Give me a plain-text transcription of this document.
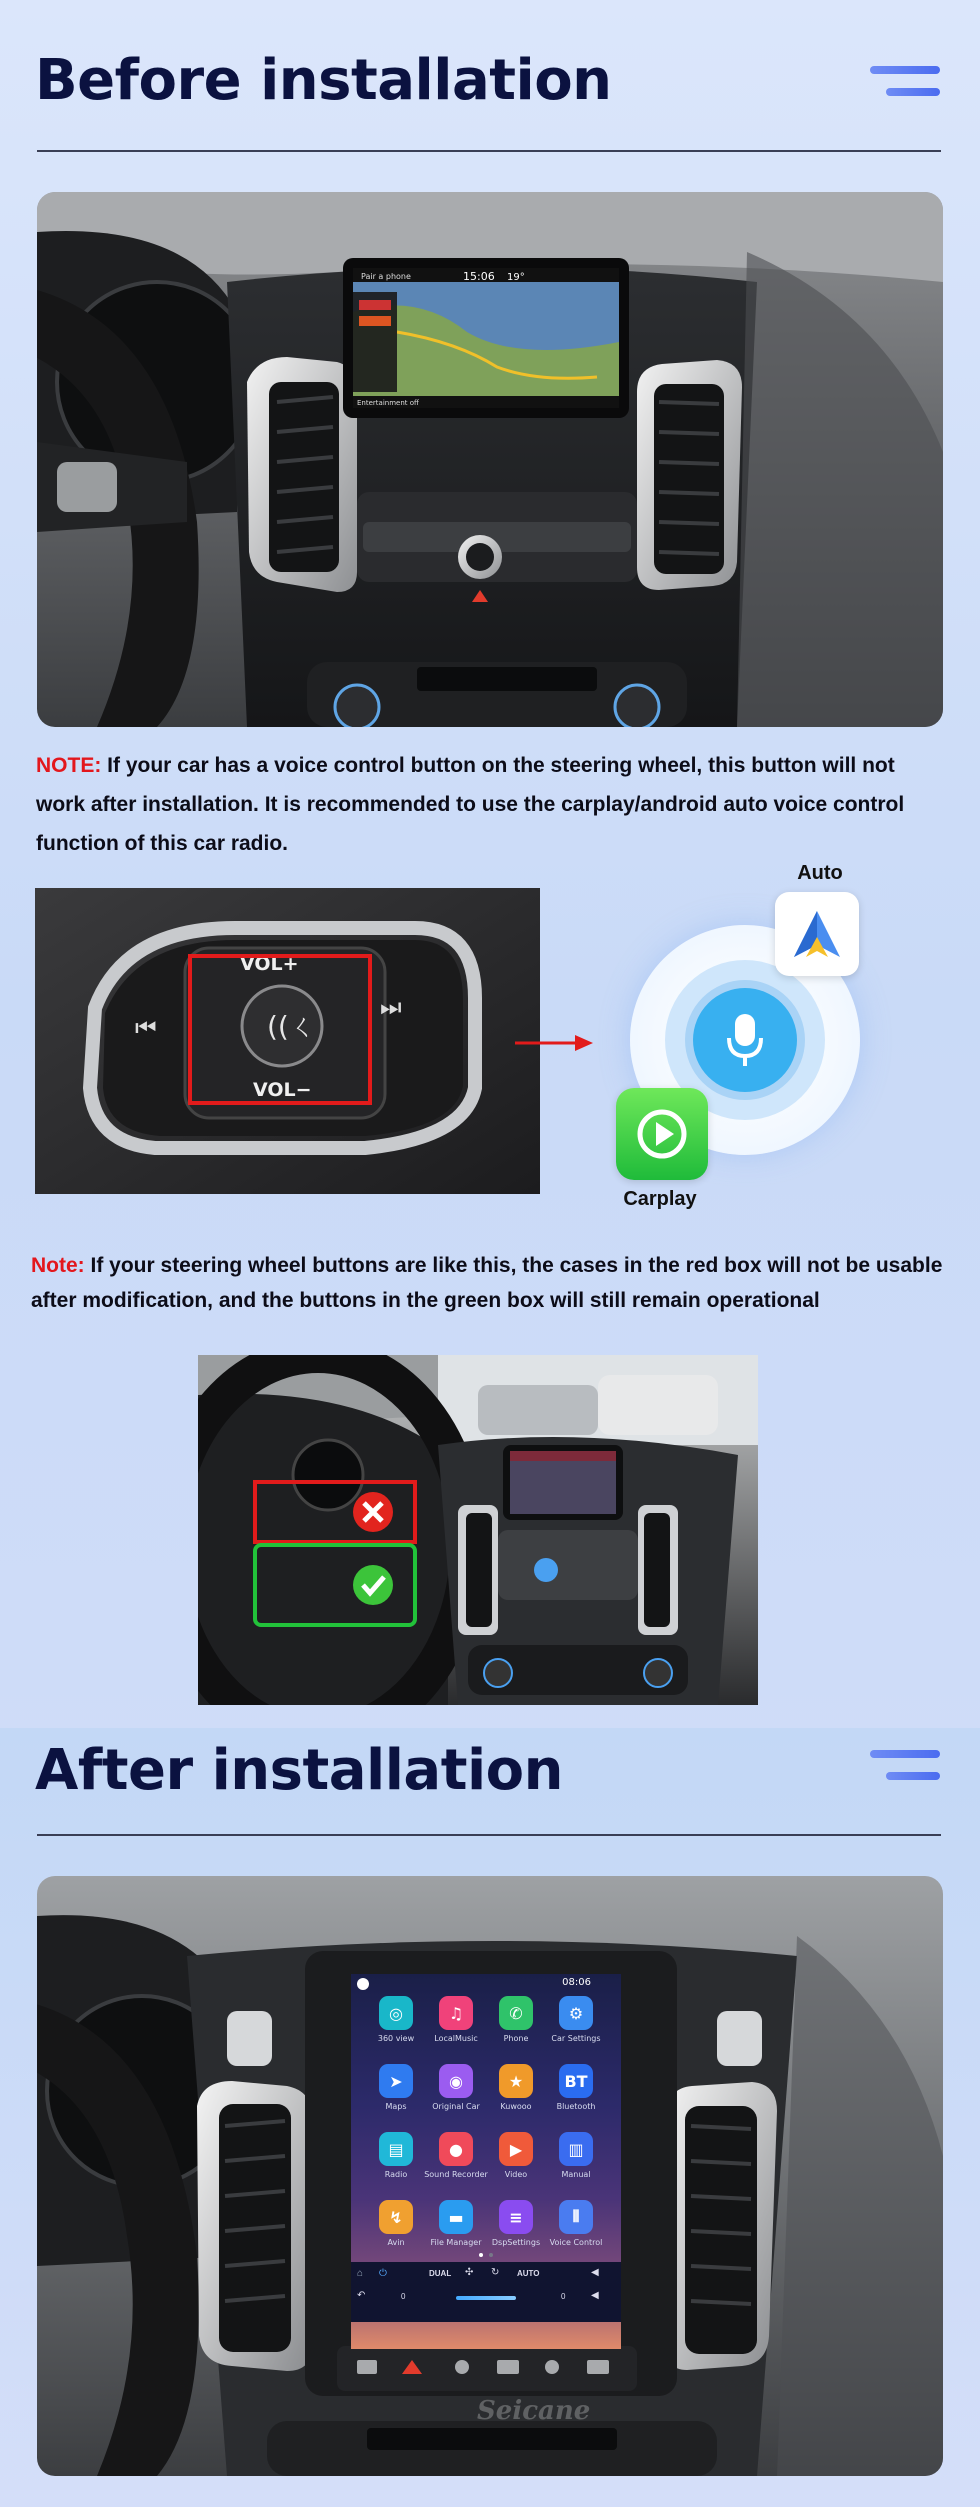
Before installation
Pair a phone	15:06 19°
Entertainment off

NOTE: If your car has a voice control button on the steering wheel, this button will not work after installation. It is recommended to use the carplay/android auto voice control function of this car radio.

((ㄑ
VOL+
VOL−
⏮
⏭
Auto
Carplay

Note: If your steering wheel buttons are like this, the cases in the red box will not be usable after modification, and the buttons in the green box will still remain operational

After installation
08:06
◎
360 view
♫
LocalMusic
✆
Phone
⚙
Car Settings
➤
Maps
◉
Original Car
★
Kuwooo
BT
Bluetooth
▤
Radio
●
Sound Recorder
▶
Video
▥
Manual
↯
Avin
▬
File Manager
≡
DspSettings
⦀
Voice Control
⌂ ⏻	DUAL ✣ ↻ AUTO	◀
↶	0	0	◀
Seicane
